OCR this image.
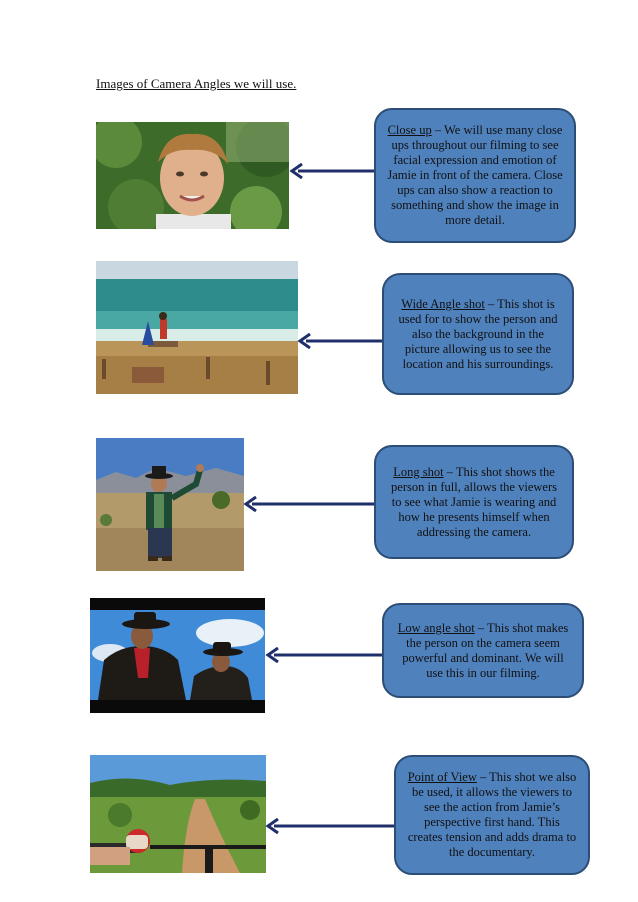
Images of Camera Angles we will use.
Close up – We will use many close ups throughout our filming to see facial expression and emotion of Jamie in front of the camera. Close ups can also show a reaction to something and show the image in more detail.
Wide Angle shot – This shot is used for to show the person and also the background in the picture allowing us to see the location and his surroundings.
Long shot – This shot shows the person in full, allows the viewers to see what Jamie is wearing and how he presents himself when addressing the camera.
Low angle shot – This shot makes the person on the camera seem powerful and dominant. We will use this in our filming.
Point of View – This shot we also be used, it allows the viewers to see the action from Jamie’s perspective first hand. This creates tension and adds drama to the documentary.
